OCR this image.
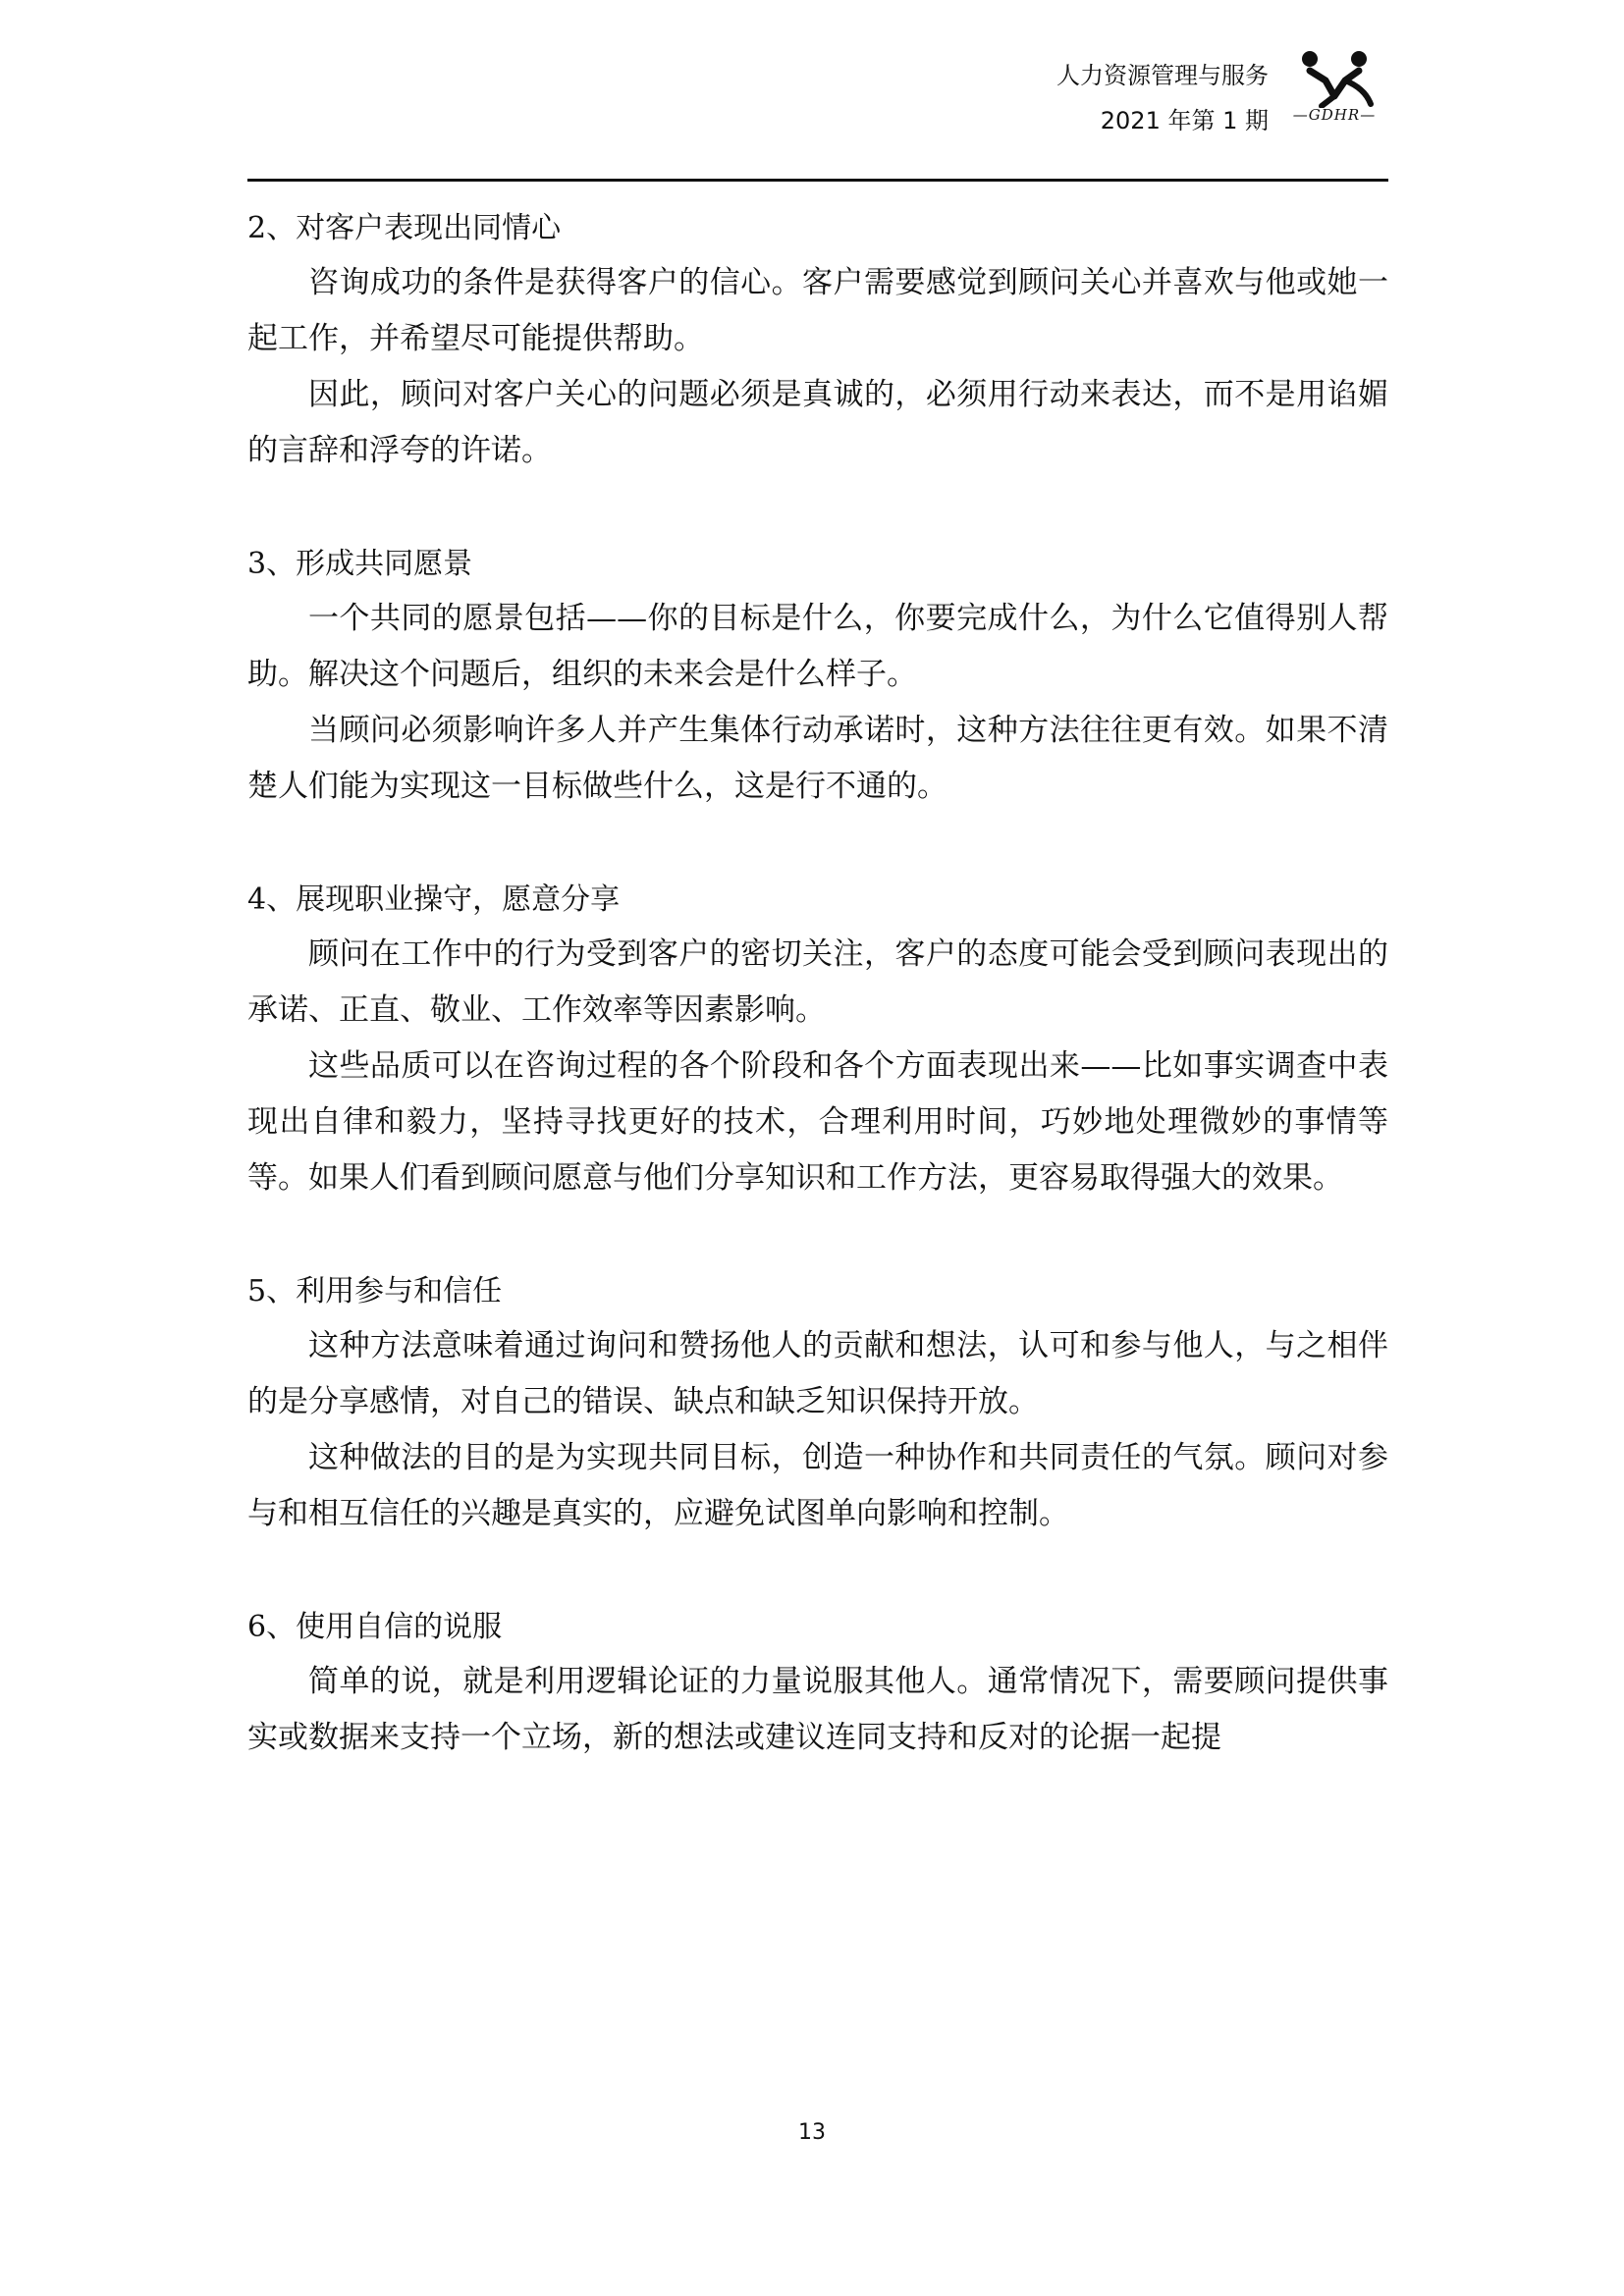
人力资源管理与服务
2021 年第 1 期	—GDHR—

2、对客户表现出同情心

咨询成功的条件是获得客户的信心。客户需要感觉到顾问关心并喜欢与他或她一起工作，并希望尽可能提供帮助。

因此，顾问对客户关心的问题必须是真诚的，必须用行动来表达，而不是用谄媚的言辞和浮夸的许诺。

3、形成共同愿景

一个共同的愿景包括——你的目标是什么，你要完成什么，为什么它值得别人帮助。解决这个问题后，组织的未来会是什么样子。

当顾问必须影响许多人并产生集体行动承诺时，这种方法往往更有效。如果不清楚人们能为实现这一目标做些什么，这是行不通的。

4、展现职业操守，愿意分享

顾问在工作中的行为受到客户的密切关注，客户的态度可能会受到顾问表现出的承诺、正直、敬业、工作效率等因素影响。

这些品质可以在咨询过程的各个阶段和各个方面表现出来——比如事实调查中表现出自律和毅力，坚持寻找更好的技术，合理利用时间，巧妙地处理微妙的事情等等。如果人们看到顾问愿意与他们分享知识和工作方法，更容易取得强大的效果。

5、利用参与和信任

这种方法意味着通过询问和赞扬他人的贡献和想法，认可和参与他人，与之相伴的是分享感情，对自己的错误、缺点和缺乏知识保持开放。

这种做法的目的是为实现共同目标，创造一种协作和共同责任的气氛。顾问对参与和相互信任的兴趣是真实的，应避免试图单向影响和控制。

6、使用自信的说服

简单的说，就是利用逻辑论证的力量说服其他人。通常情况下，需要顾问提供事实或数据来支持一个立场，新的想法或建议连同支持和反对的论据一起提

13
